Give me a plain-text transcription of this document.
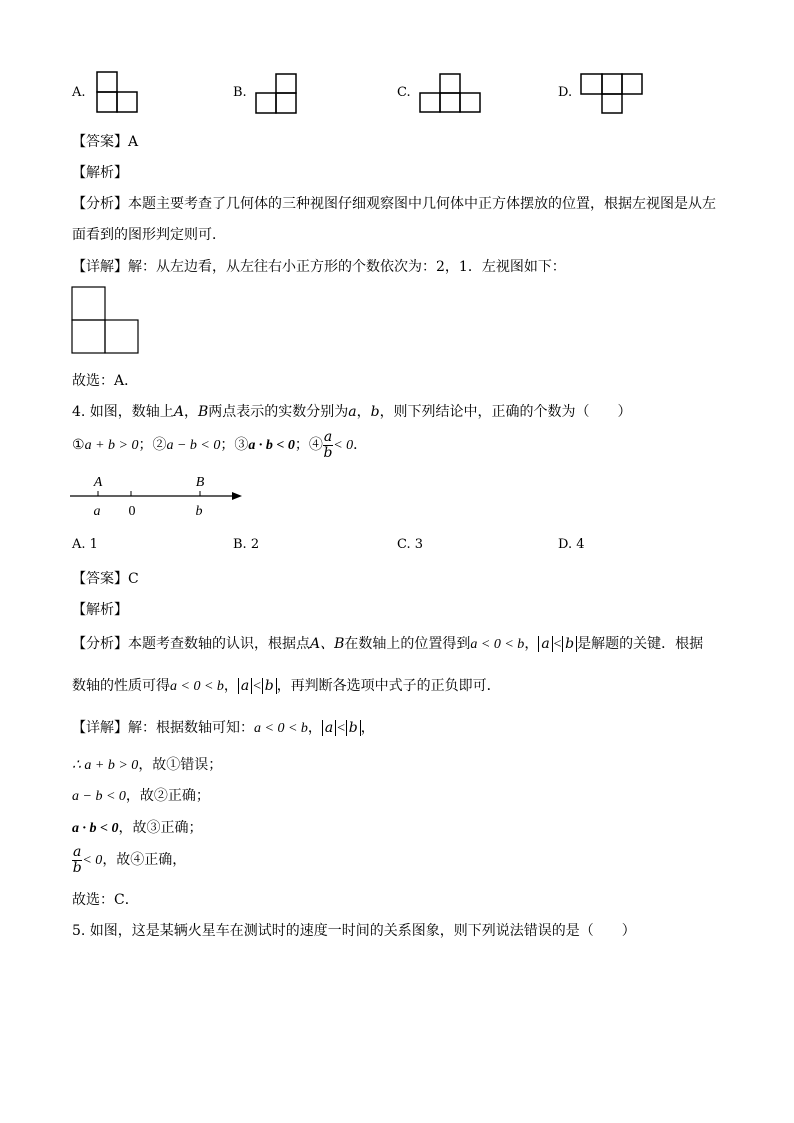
A.	B.	C.	D.
【答案】A
【解析】
【分析】本题主要考查了几何体的三种视图仔细观察图中几何体中正方体摆放的位置，根据左视图是从左
面看到的图形判定则可．
【详解】解：从左边看，从左往右小正方形的个数依次为：2，1．左视图如下：
故选：A．
4. 如图，数轴上A，B两点表示的实数分别为a，b，则下列结论中，正确的个数为（　　）
①a + b > 0；②a − b < 0；③a · b < 0；④ $\frac{a}{b} < 0$．
A	B
a 0	b
A. 1	B. 2	C. 3	D. 4
【答案】C
【解析】
【分析】本题考查数轴的认识，根据点A、B在数轴上的位置得到a < 0 < b， a < b 是解题的关键．根据
数轴的性质可得a < 0 < b， a < b ，再判断各选项中式子的正负即可．
【详解】解：根据数轴可知：a < 0 < b， a < b ，
∴ a + b > 0，故①错误；
a − b < 0，故②正确；
a · b < 0，故③正确；
$\frac{a}{b} < 0$，故④正确，
故选：C．
5. 如图，这是某辆火星车在测试时的速度一时间的关系图象，则下列说法错误的是（　　）
